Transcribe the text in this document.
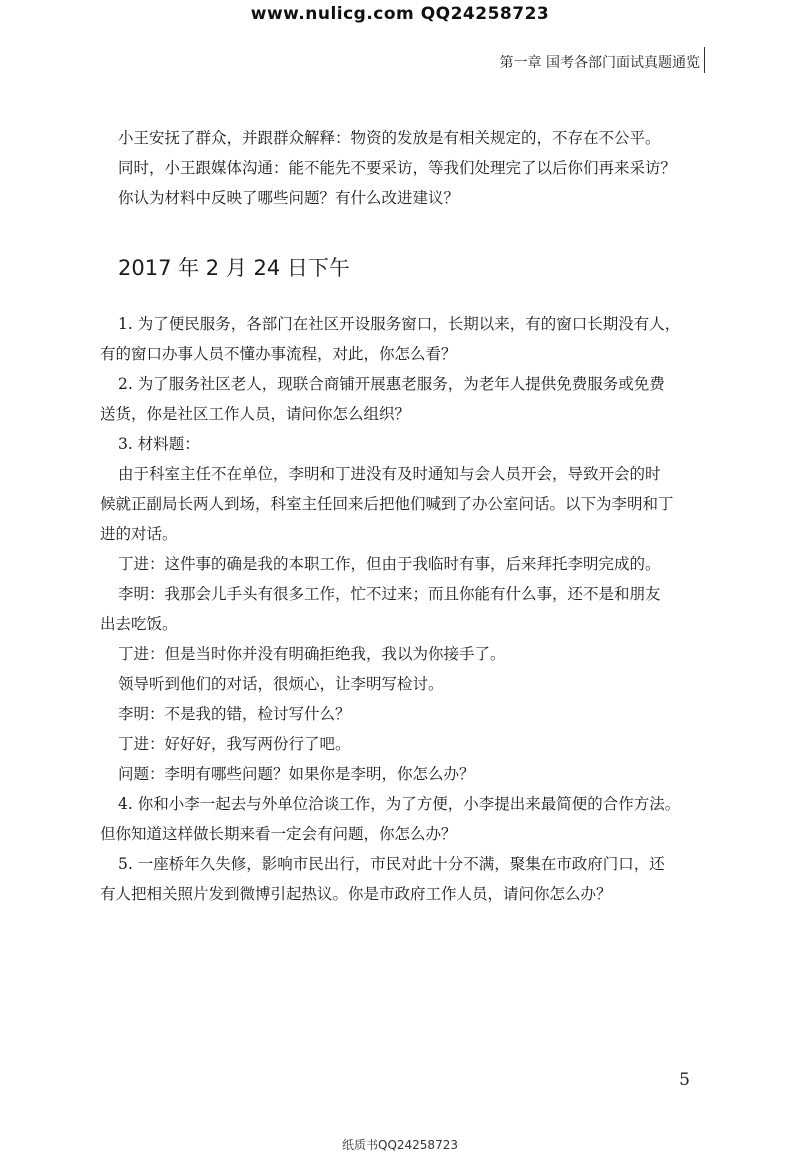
www.nulicg.com QQ24258723
第一章 国考各部门面试真题通览

小王安抚了群众，并跟群众解释：物资的发放是有相关规定的，不存在不公平。

同时，小王跟媒体沟通：能不能先不要采访，等我们处理完了以后你们再来采访？

你认为材料中反映了哪些问题？有什么改进建议？

2017 年 2 月 24 日下午

1. 为了便民服务，各部门在社区开设服务窗口，长期以来，有的窗口长期没有人，

有的窗口办事人员不懂办事流程，对此，你怎么看？

2. 为了服务社区老人，现联合商铺开展惠老服务，为老年人提供免费服务或免费

送货，你是社区工作人员，请问你怎么组织？

3. 材料题：

由于科室主任不在单位，李明和丁进没有及时通知与会人员开会，导致开会的时

候就正副局长两人到场，科室主任回来后把他们喊到了办公室问话。以下为李明和丁

进的对话。

丁进：这件事的确是我的本职工作，但由于我临时有事，后来拜托李明完成的。

李明：我那会儿手头有很多工作，忙不过来；而且你能有什么事，还不是和朋友

出去吃饭。

丁进：但是当时你并没有明确拒绝我，我以为你接手了。

领导听到他们的对话，很烦心，让李明写检讨。

李明：不是我的错，检讨写什么？

丁进：好好好，我写两份行了吧。

问题：李明有哪些问题？如果你是李明，你怎么办？

4. 你和小李一起去与外单位洽谈工作，为了方便，小李提出来最简便的合作方法。

但你知道这样做长期来看一定会有问题，你怎么办？

5. 一座桥年久失修，影响市民出行，市民对此十分不满，聚集在市政府门口，还

有人把相关照片发到微博引起热议。你是市政府工作人员，请问你怎么办？

5
纸质书QQ24258723
